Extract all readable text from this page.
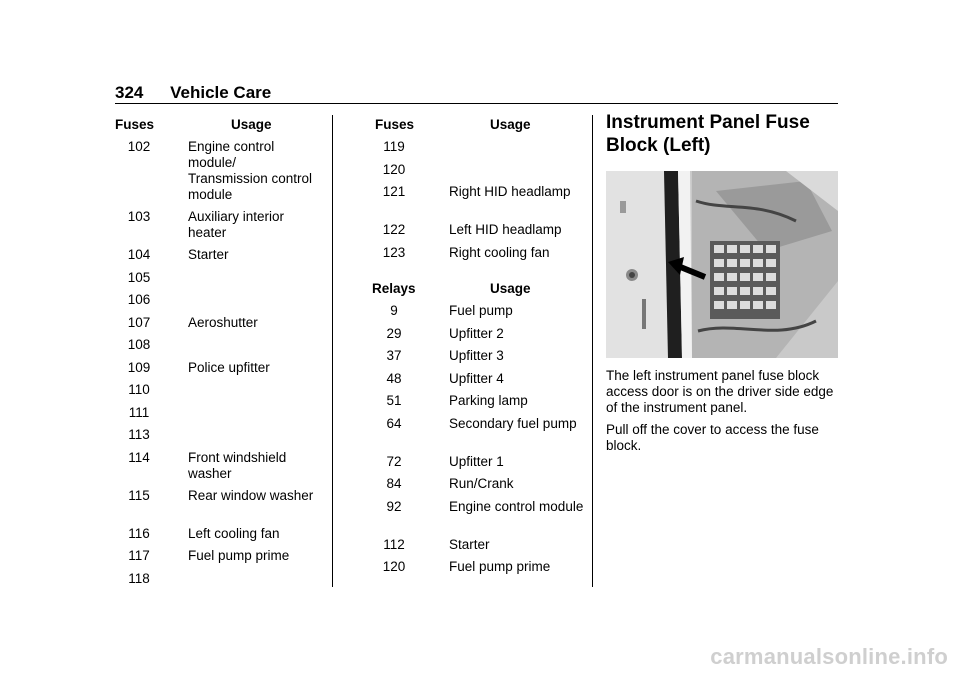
324 Vehicle Care
Fuses	Usage
102	Engine control module/ Transmission control module
103	Auxiliary interior heater
104	Starter
105
106
107	Aeroshutter
108
109	Police upfitter
110
111
113
114	Front windshield washer
115	Rear window washer
116	Left cooling fan
117	Fuel pump prime
118
Fuses	Usage
119
120
121	Right HID headlamp
122	Left HID headlamp
123	Right cooling fan
Relays	Usage
9	Fuel pump
29	Upfitter 2
37	Upfitter 3
48	Upfitter 4
51	Parking lamp
64	Secondary fuel pump
72	Upfitter 1
84	Run/Crank
92	Engine control module
112	Starter
120	Fuel pump prime
Instrument Panel Fuse
Block (Left)
The left instrument panel fuse block access door is on the driver side edge of the instrument panel.
Pull off the cover to access the fuse block.
carmanualsonline.info
